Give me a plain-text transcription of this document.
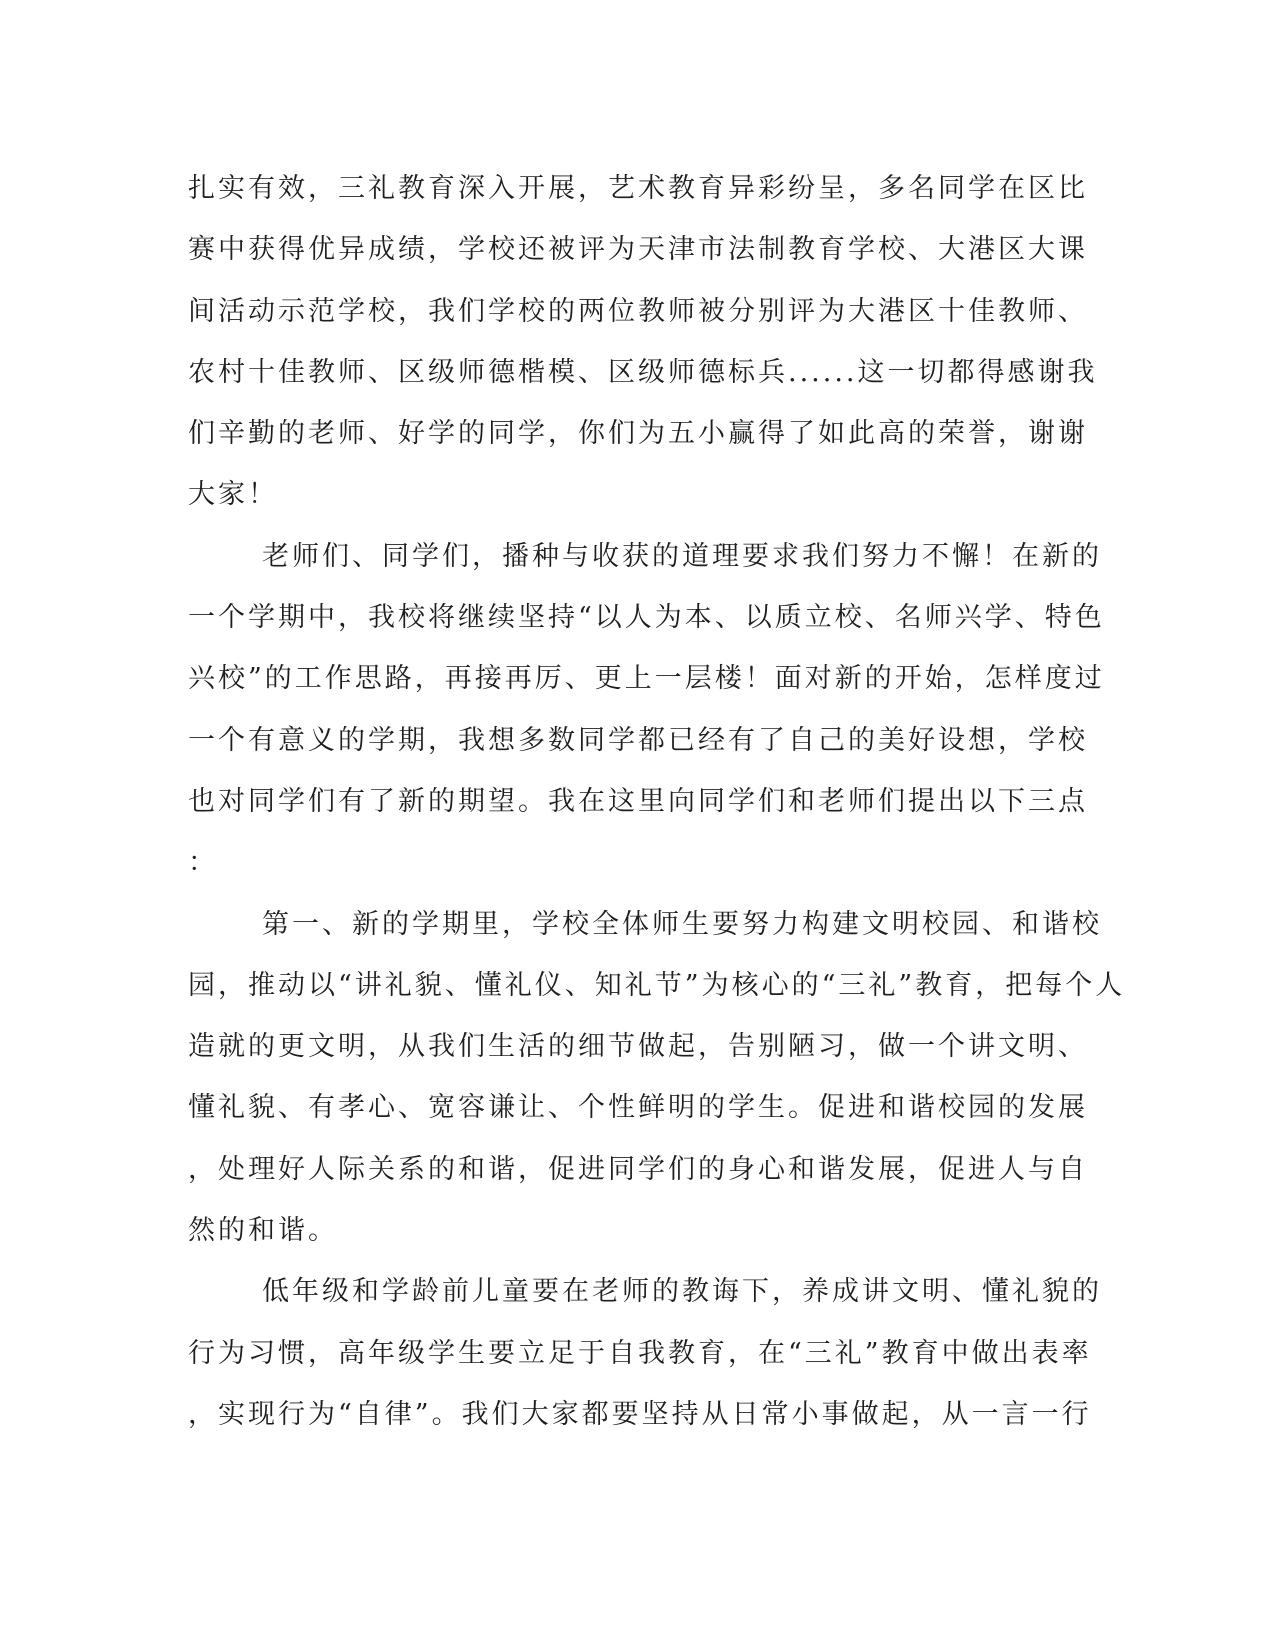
扎实有效，三礼教育深入开展，艺术教育异彩纷呈，多名同学在区比
赛中获得优异成绩，学校还被评为天津市法制教育学校、大港区大课
间活动示范学校，我们学校的两位教师被分别评为大港区十佳教师、
农村十佳教师、区级师德楷模、区级师德标兵......这一切都得感谢我
们辛勤的老师、好学的同学，你们为五小赢得了如此高的荣誉，谢谢
大家！
老师们、同学们，播种与收获的道理要求我们努力不懈！在新的
一个学期中，我校将继续坚持“以人为本、以质立校、名师兴学、特色
兴校”的工作思路，再接再厉、更上一层楼！面对新的开始，怎样度过
一个有意义的学期，我想多数同学都已经有了自己的美好设想，学校
也对同学们有了新的期望。我在这里向同学们和老师们提出以下三点
：
第一、新的学期里，学校全体师生要努力构建文明校园、和谐校
园，推动以“讲礼貌、懂礼仪、知礼节”为核心的“三礼”教育，把每个人
造就的更文明，从我们生活的细节做起，告别陋习，做一个讲文明、
懂礼貌、有孝心、宽容谦让、个性鲜明的学生。促进和谐校园的发展
，处理好人际关系的和谐，促进同学们的身心和谐发展，促进人与自
然的和谐。
低年级和学龄前儿童要在老师的教诲下，养成讲文明、懂礼貌的
行为习惯，高年级学生要立足于自我教育，在“三礼”教育中做出表率
，实现行为“自律”。我们大家都要坚持从日常小事做起，从一言一行
